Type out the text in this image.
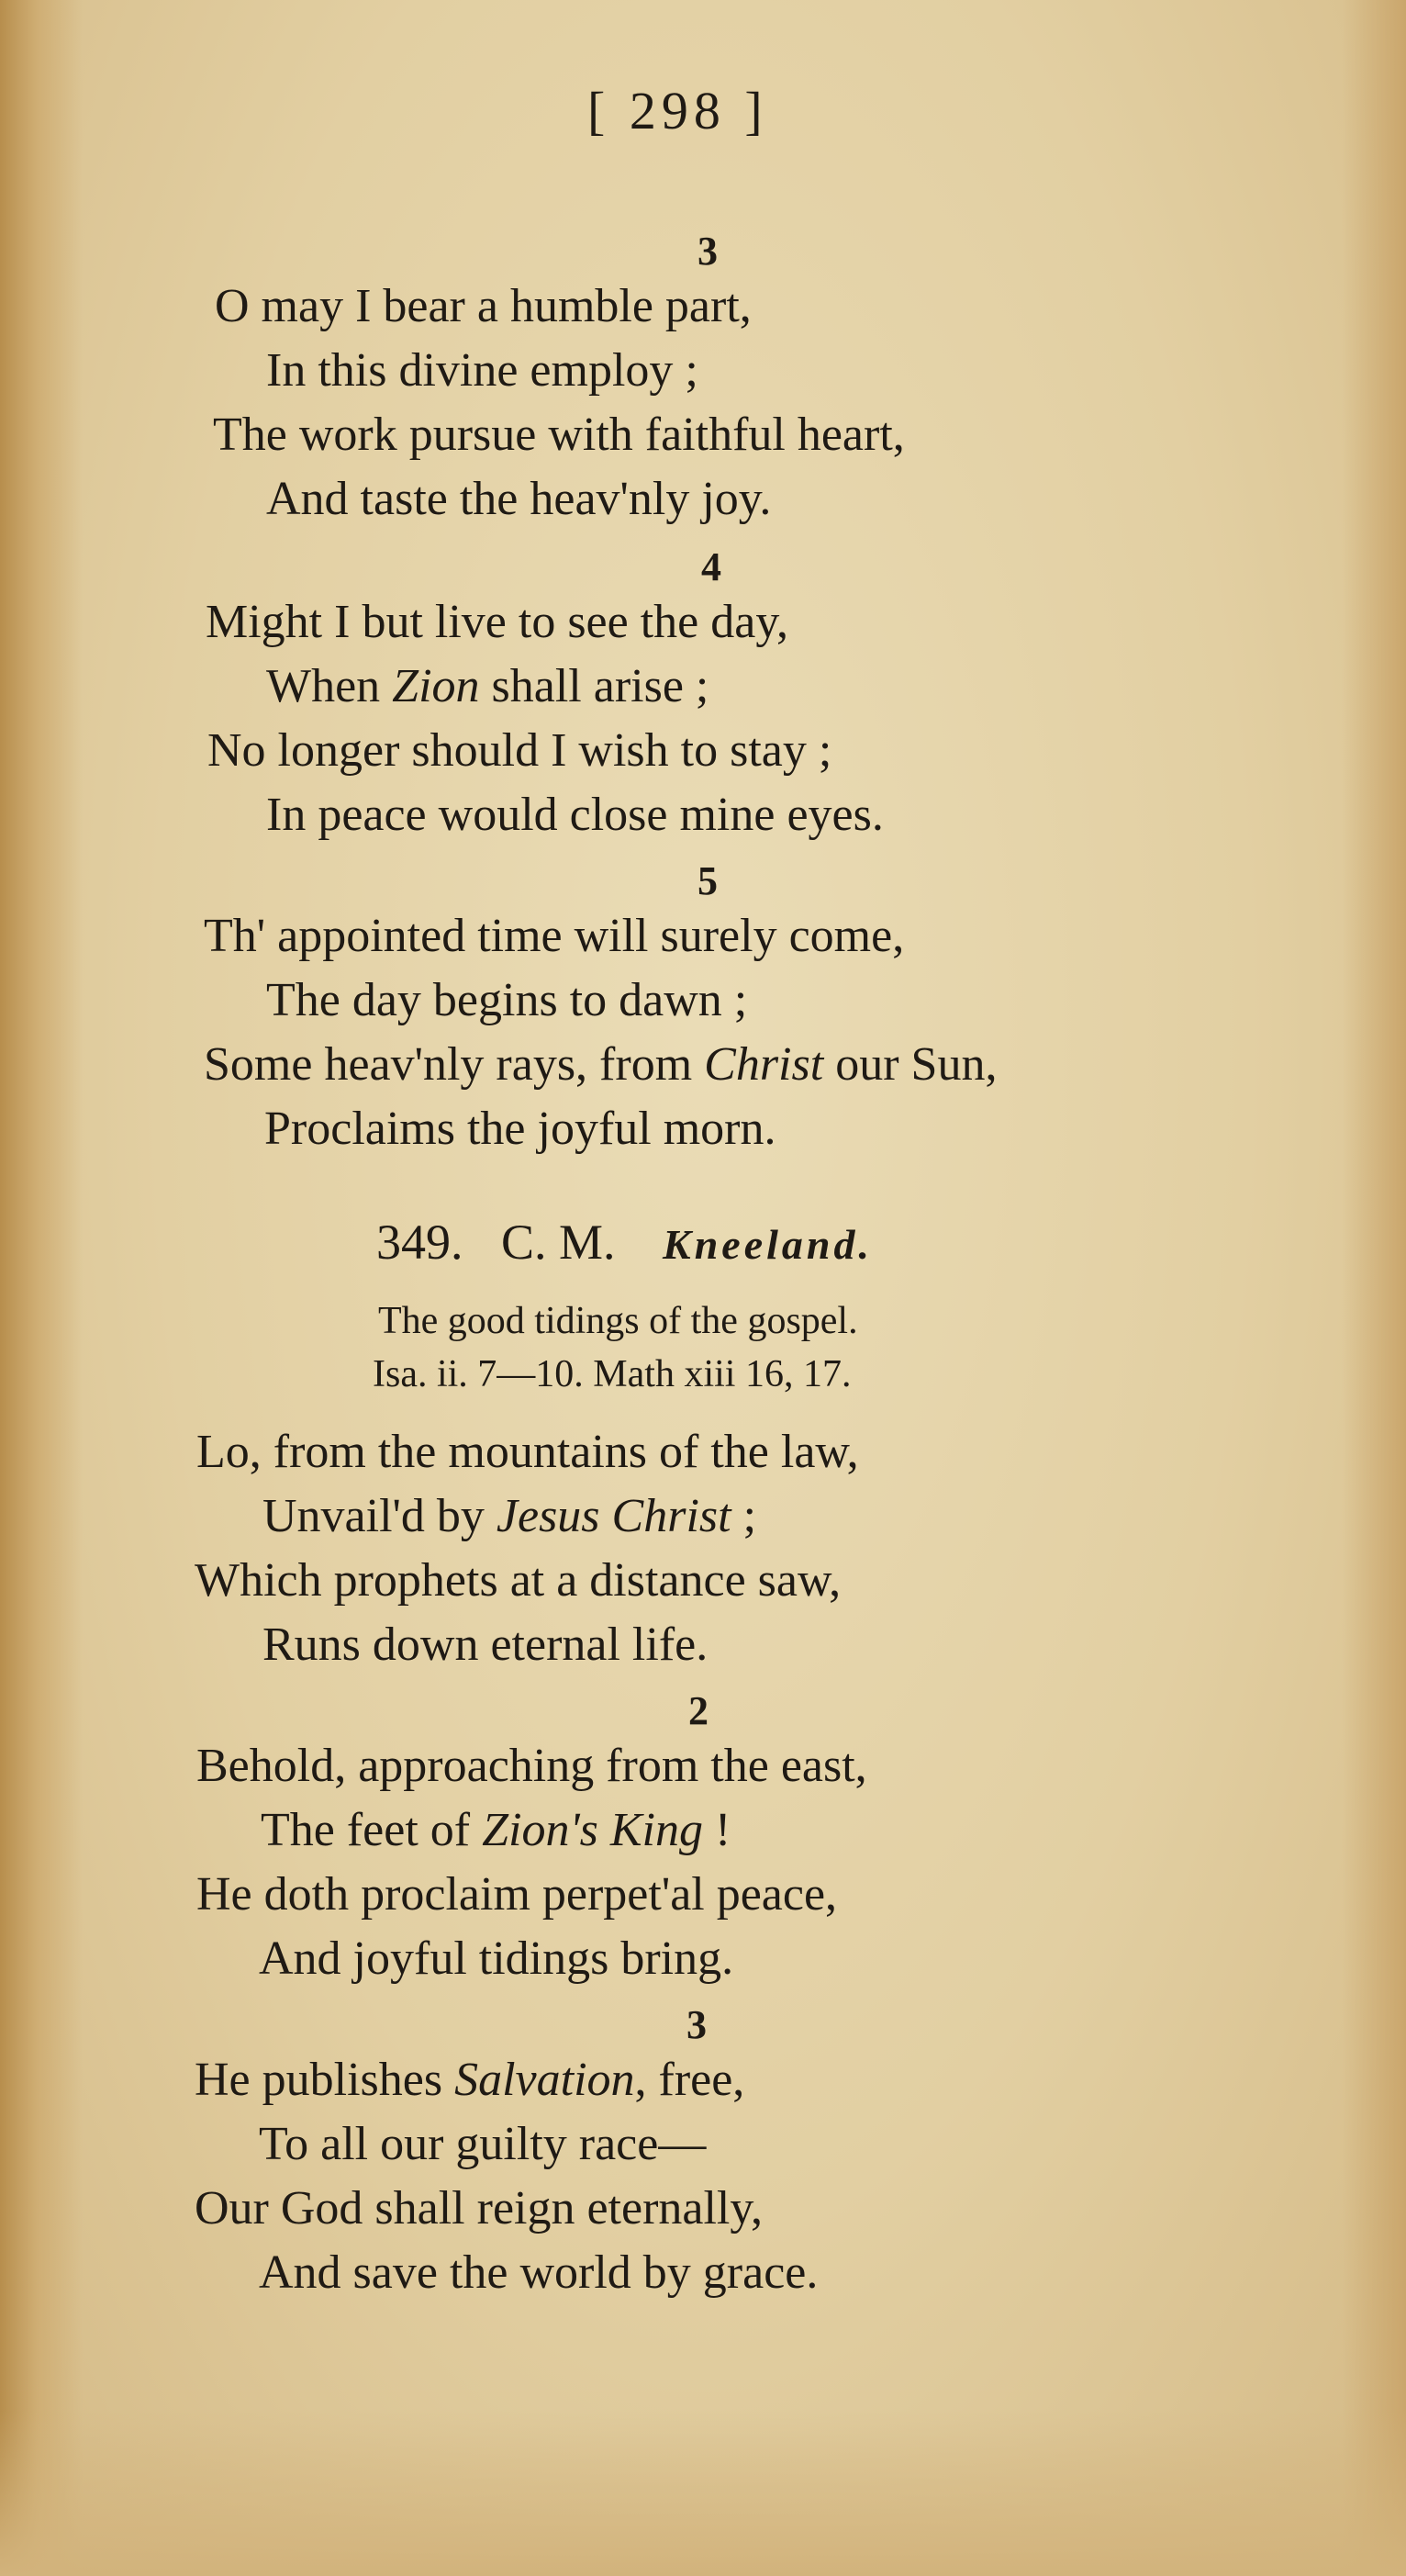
[ 298 ]
3
O may I bear a humble part,
In this divine employ ;
The work pursue with faithful heart,
And taste the heav'nly joy.
4
Might I but live to see the day,
When Zion shall arise ;
No longer should I wish to stay ;
In peace would close mine eyes.
5
Th' appointed time will surely come,
The day begins to dawn ;
Some heav'nly rays, from Christ our Sun,
Proclaims the joyful morn.
349. C. M. Kneeland.
The good tidings of the gospel.
Isa. ii. 7—10. Math xiii 16, 17.
Lo, from the mountains of the law,
Unvail'd by Jesus Christ ;
Which prophets at a distance saw,
Runs down eternal life.
2
Behold, approaching from the east,
The feet of Zion's King !
He doth proclaim perpet'al peace,
And joyful tidings bring.
3
He publishes Salvation, free,
To all our guilty race—
Our God shall reign eternally,
And save the world by grace.
